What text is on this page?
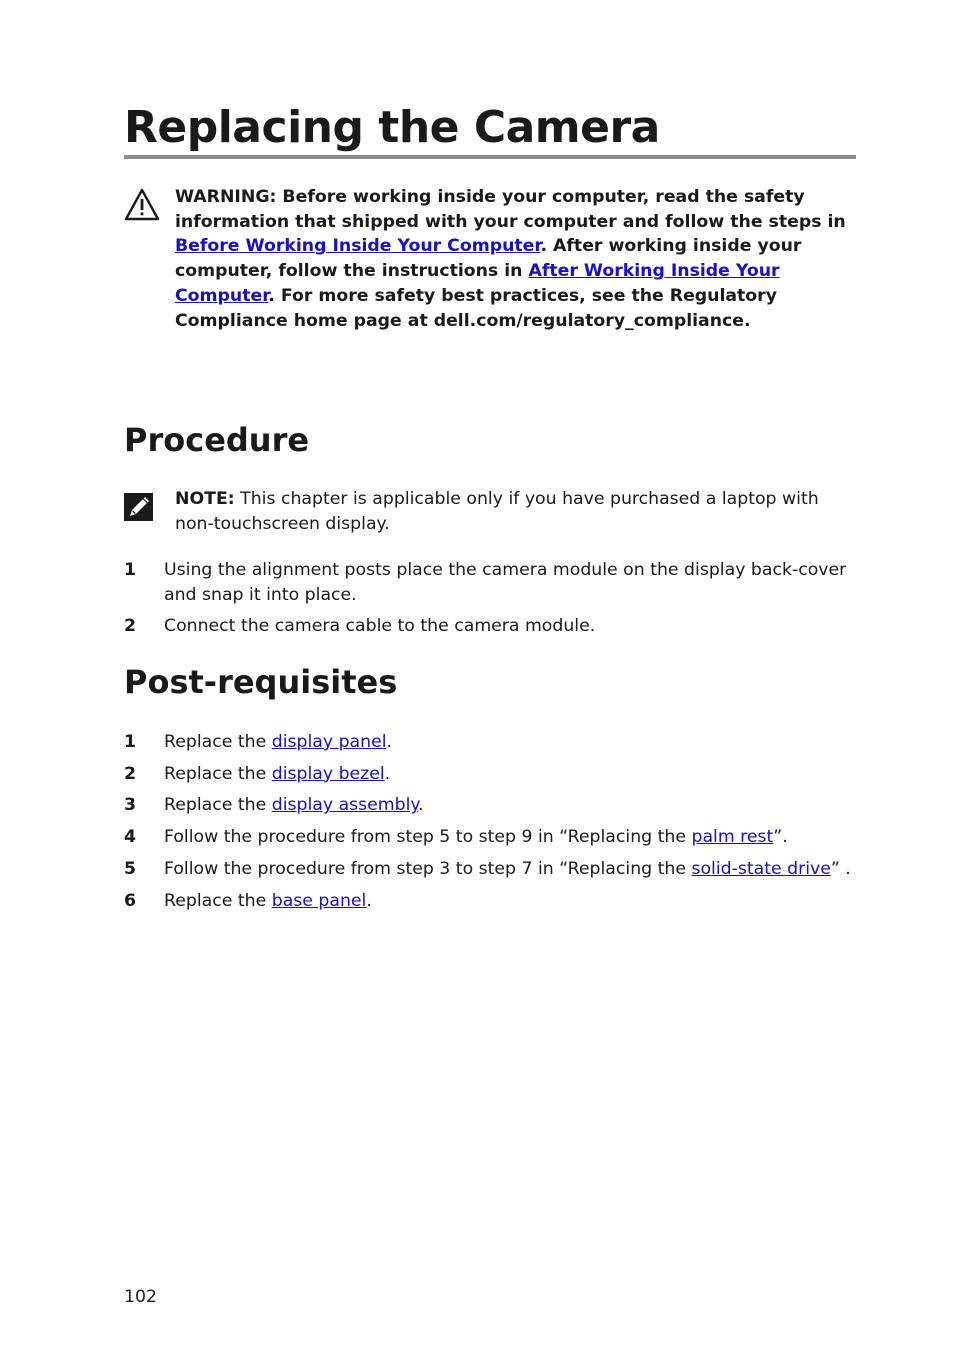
Replacing the Camera

WARNING: Before working inside your computer, read the safety information that shipped with your computer and follow the steps in Before Working Inside Your Computer. After working inside your computer, follow the instructions in After Working Inside Your Computer. For more safety best practices, see the Regulatory Compliance home page at dell.com/regulatory_compliance.

Procedure

NOTE: This chapter is applicable only if you have purchased a laptop with non-touchscreen display.

1 Using the alignment posts place the camera module on the display back-cover and snap it into place.
2 Connect the camera cable to the camera module.
Post-requisites
1 Replace the display panel.
2 Replace the display bezel.
3 Replace the display assembly.
4 Follow the procedure from step 5 to step 9 in “Replacing the palm rest”.
5 Follow the procedure from step 3 to step 7 in “Replacing the solid-state drive” .
6 Replace the base panel.
102
